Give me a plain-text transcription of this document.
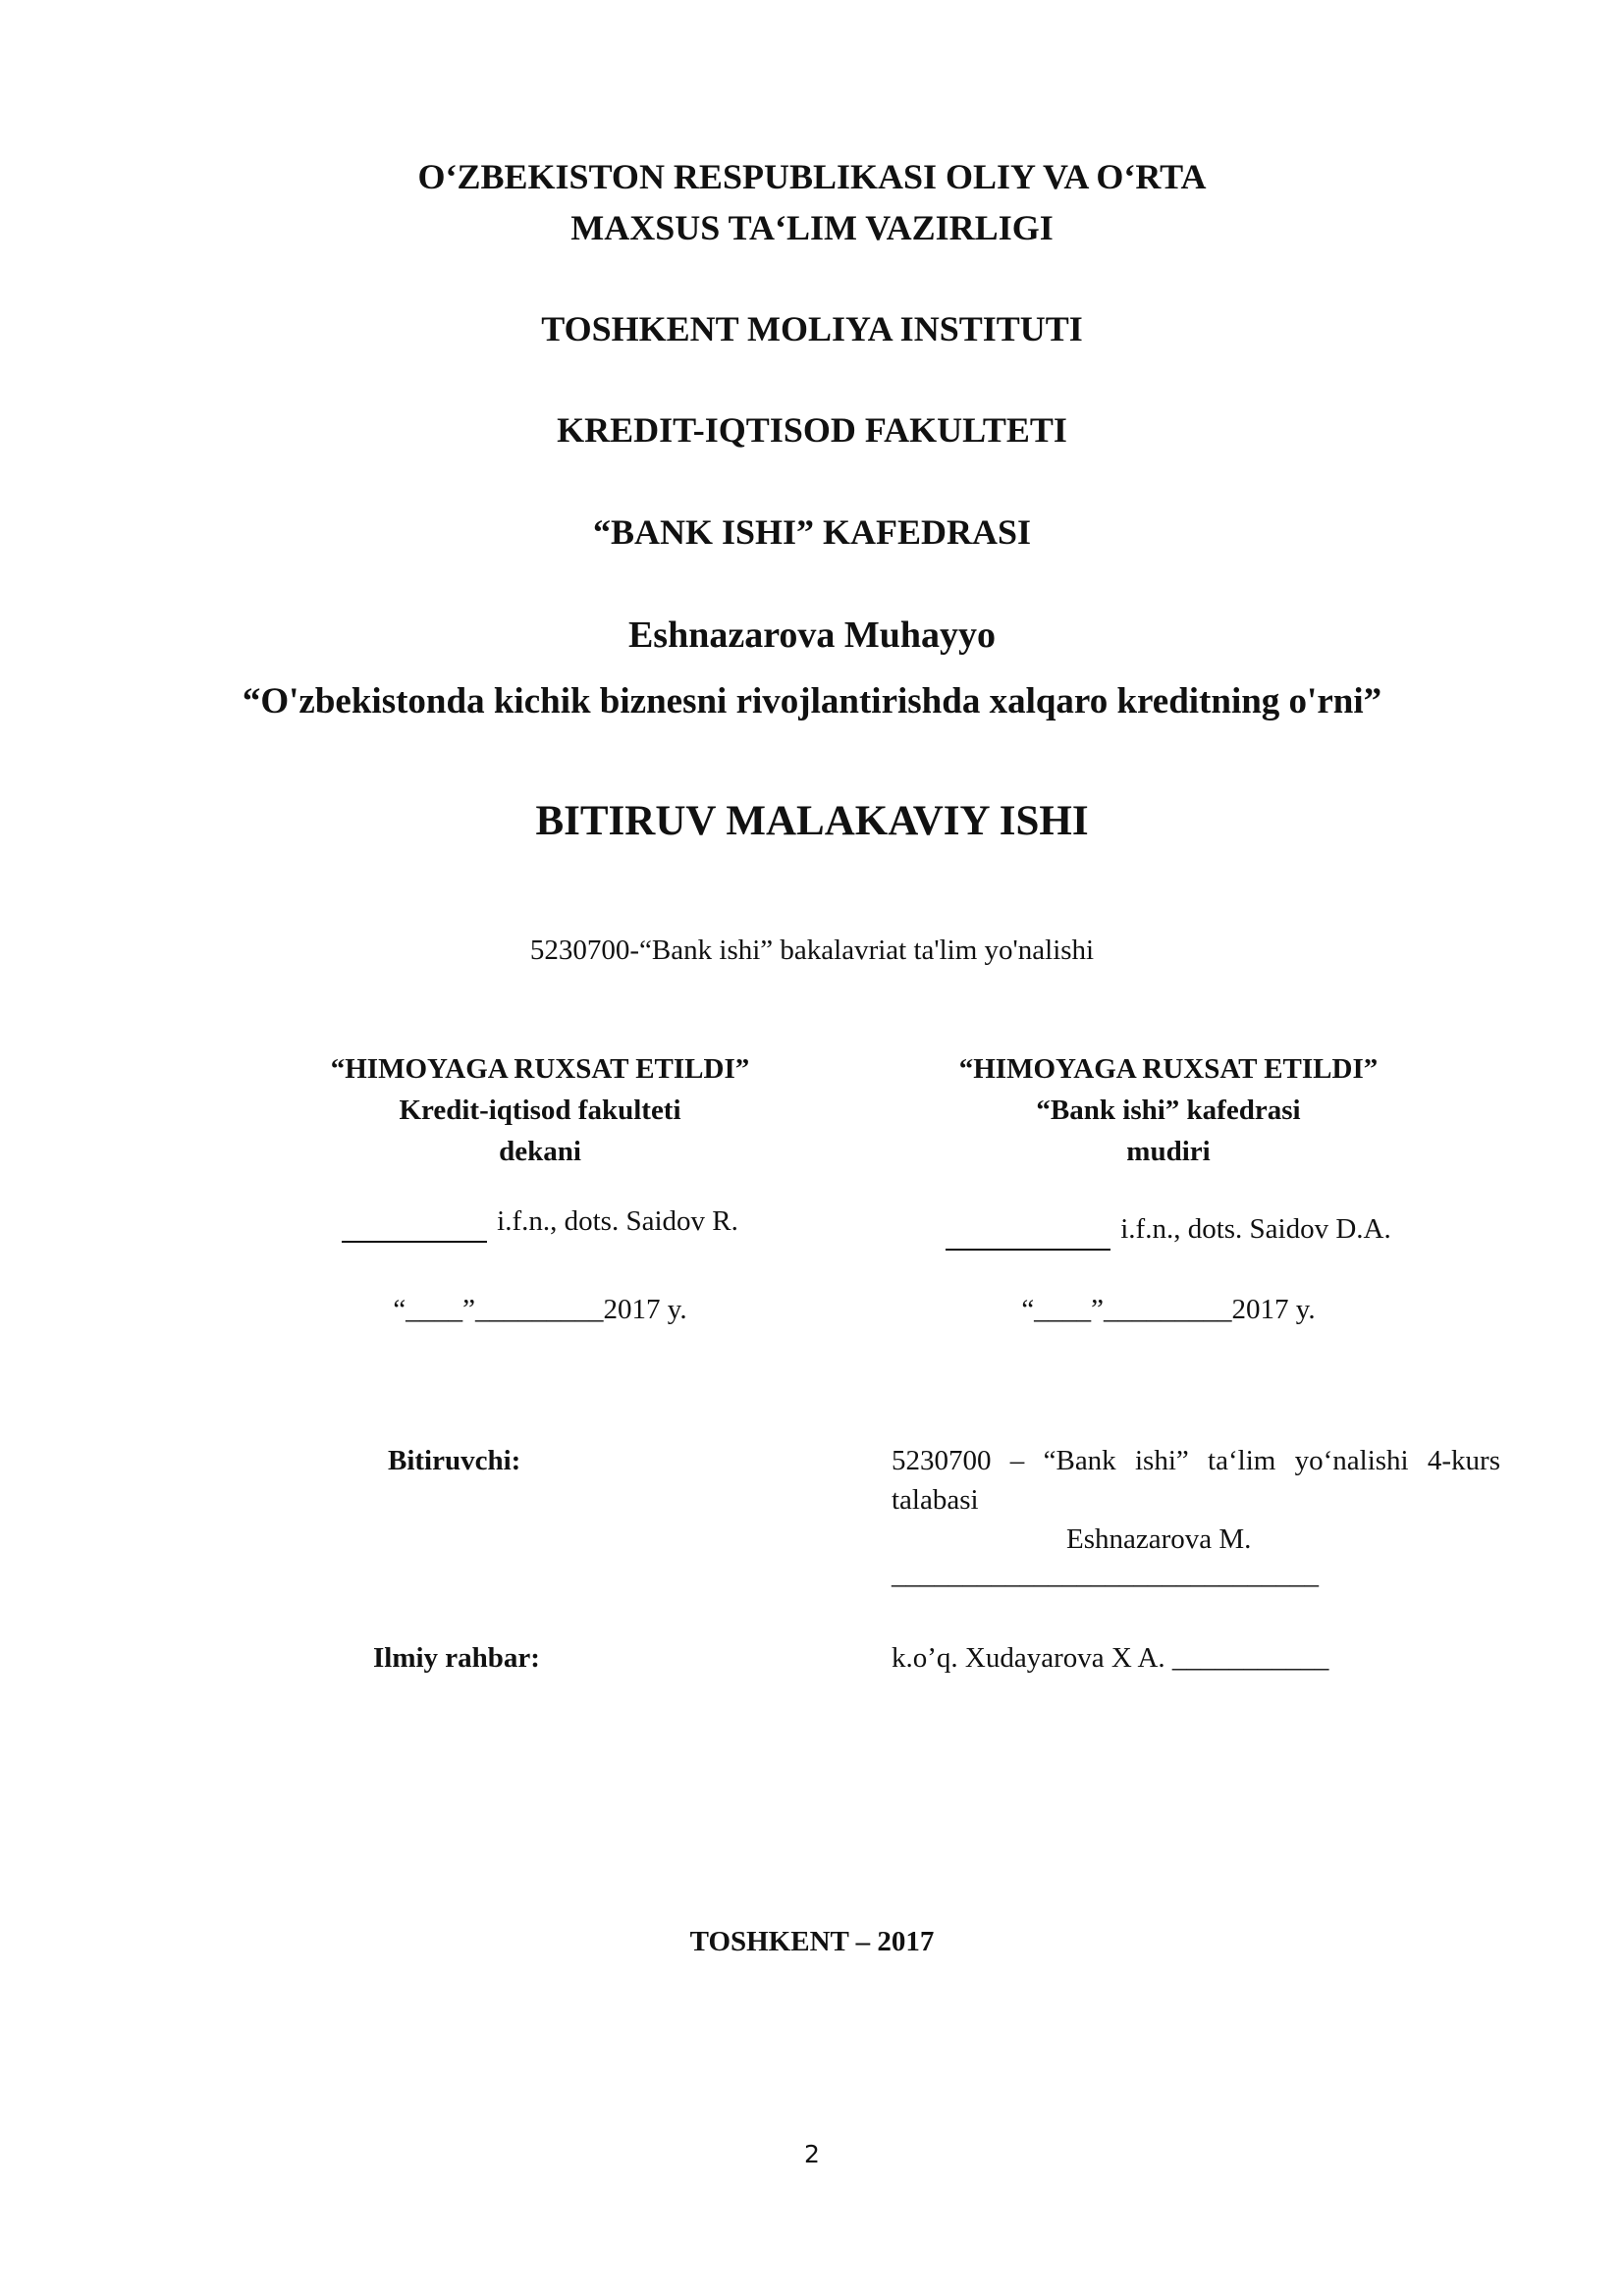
O‘ZBEKISTON RESPUBLIKASI OLIY VA O‘RTA
MAXSUS TA‘LIM VAZIRLIGI
TOSHKENT MOLIYA INSTITUTI
KREDIT-IQTISOD FAKULTETI
“BANK ISHI” KAFEDRASI
Eshnazarova Muhayyo
“O'zbekistonda kichik biznesni rivojlantirishda xalqaro kreditning o'rni”
BITIRUV MALAKAVIY ISHI
5230700-“Bank ishi” bakalavriat ta'lim yo'nalishi
“HIMOYAGA RUXSAT ETILDI”
Kredit-iqtisod fakulteti
dekani
i.f.n., dots. Saidov R.
“____”_________2017 y.
“HIMOYAGA RUXSAT ETILDI”
“Bank ishi” kafedrasi
mudiri
i.f.n., dots. Saidov D.A.
“____”_________2017 y.
Bitiruvchi:	5230700 – “Bank ishi” ta‘lim yo‘nalishi 4-kurs
talabasi
Eshnazarova M.
______________________________
Ilmiy rahbar:	k.o’q. Xudayarova X A. ___________
TOSHKENT – 2017
2
